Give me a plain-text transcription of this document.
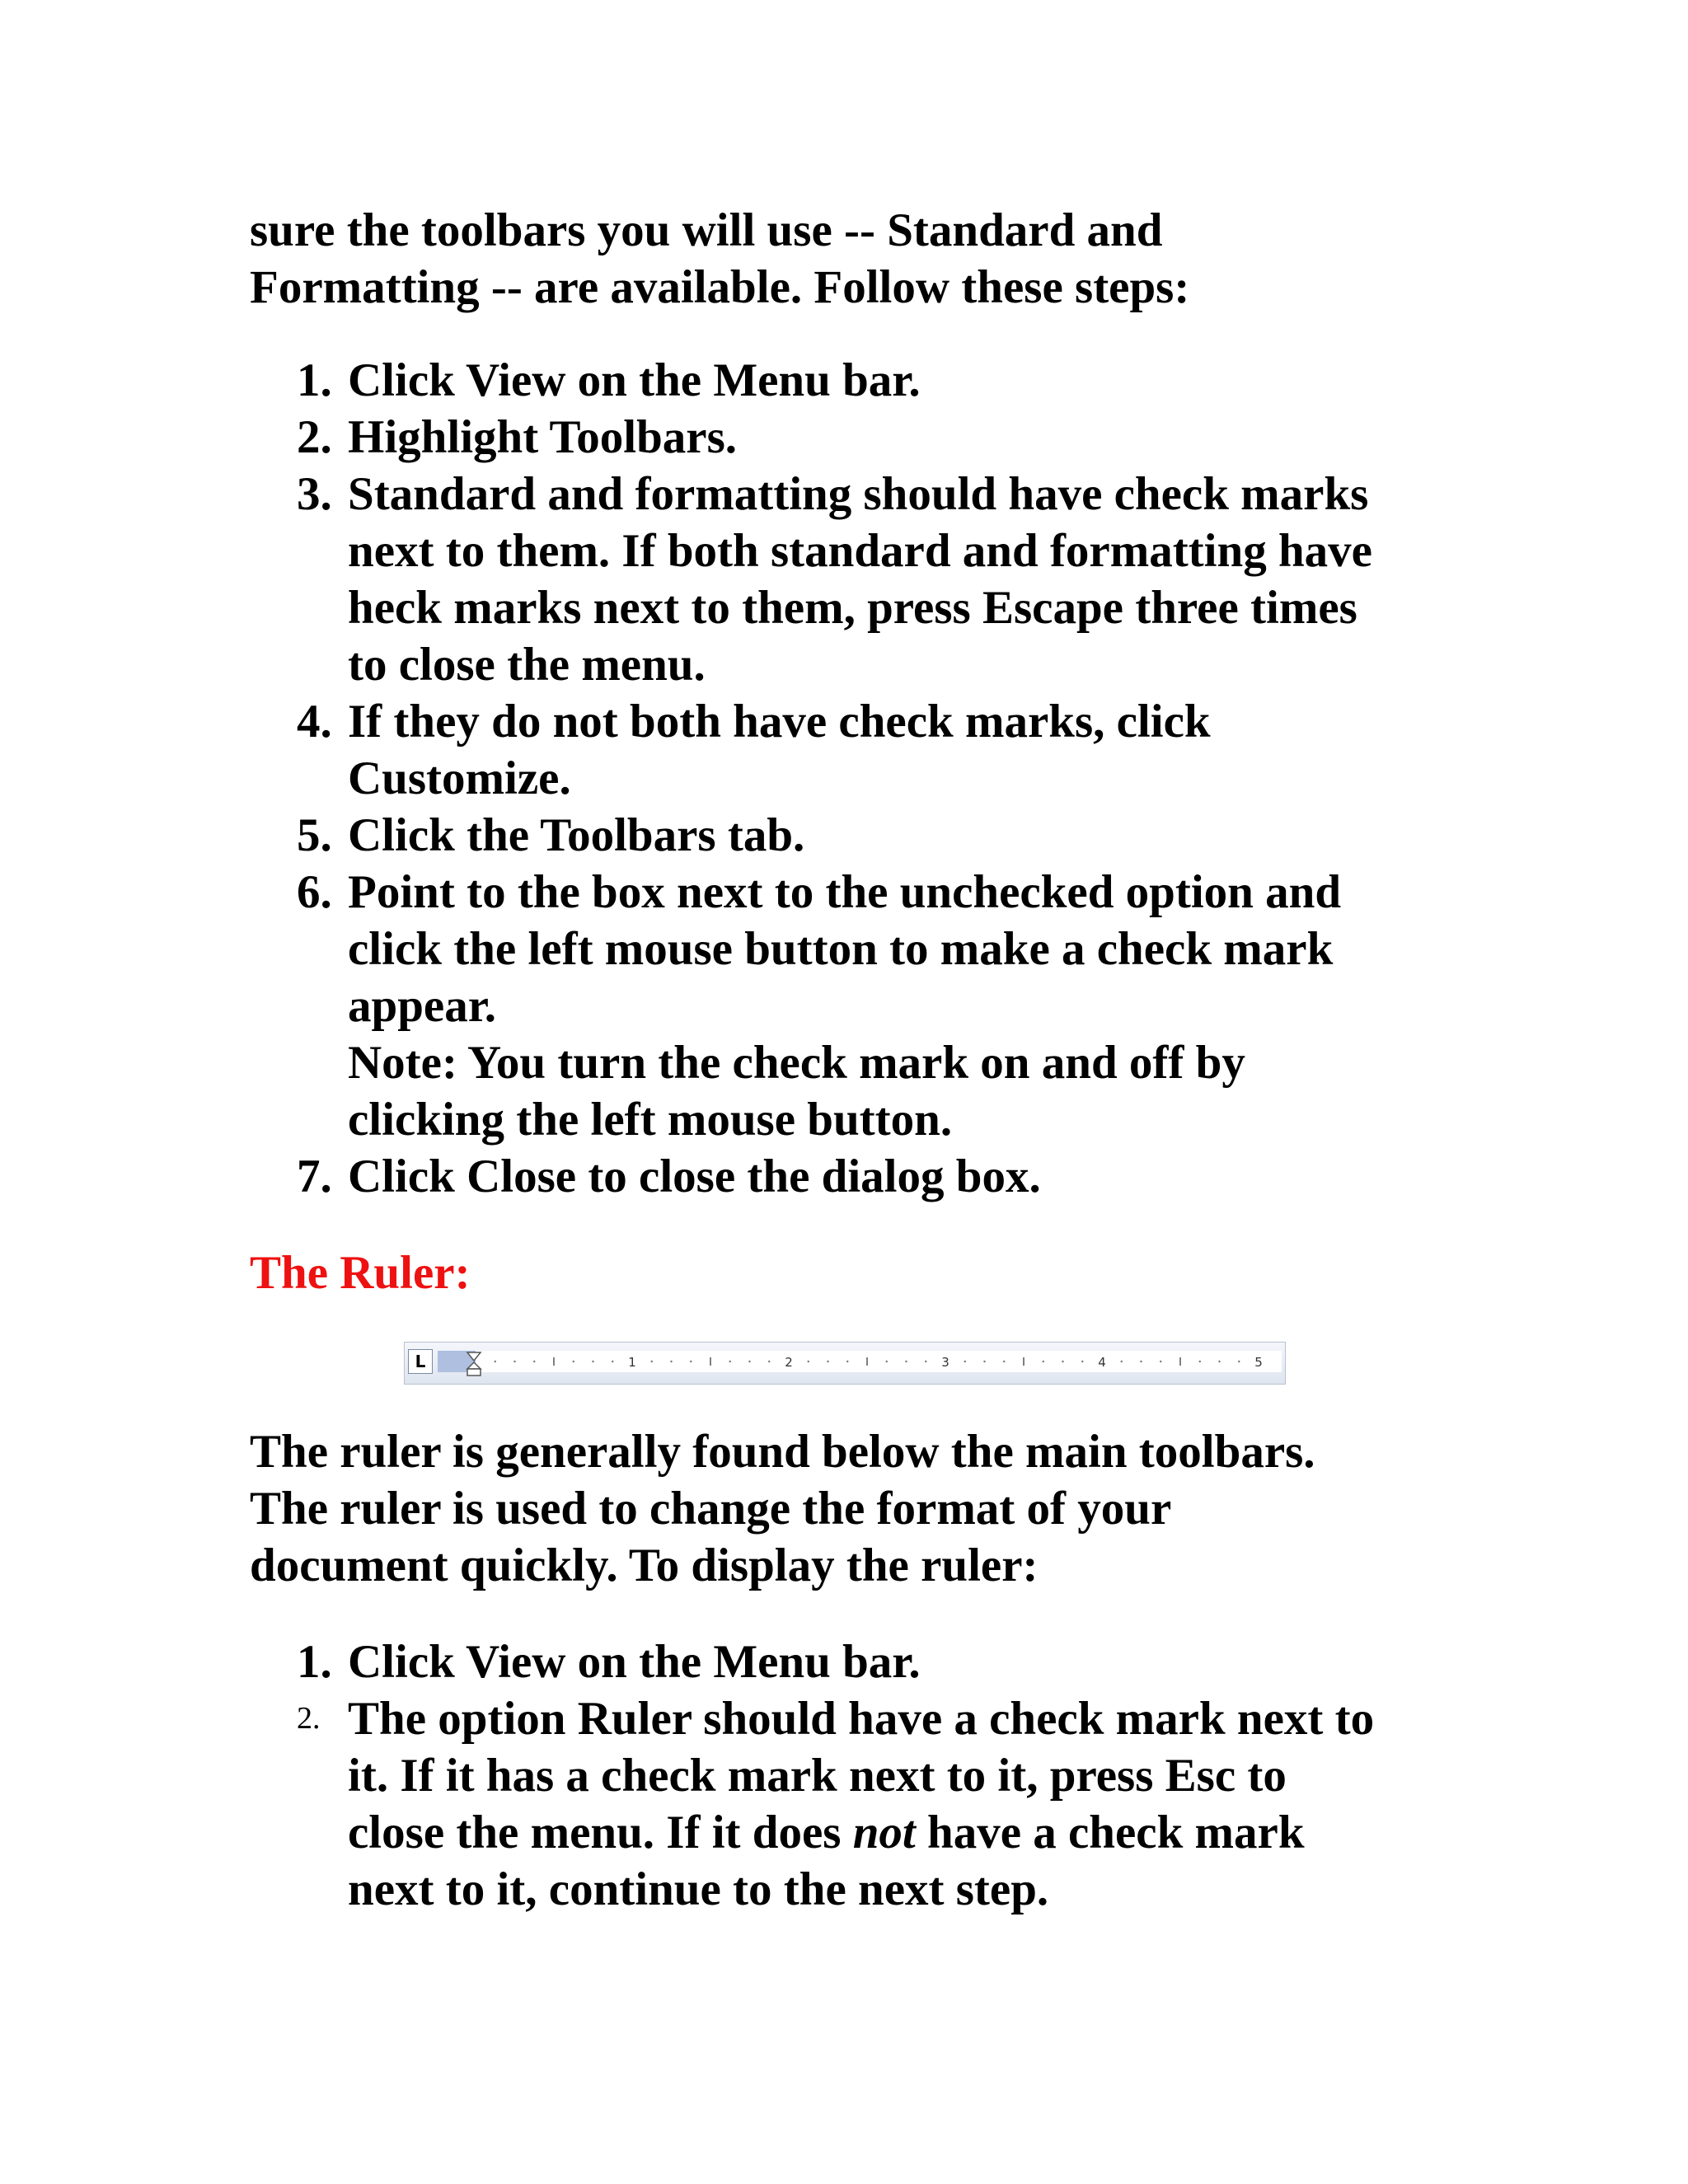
sure the toolbars you will use -- Standard and
Formatting -- are available. Follow these steps:

1. Click View on the Menu bar.
2. Highlight Toolbars.
3. Standard and formatting should have check marks
next to them. If both standard and formatting have
heck marks next to them, press Escape three times
to close the menu.
4. If they do not both have check marks, click
Customize.
5. Click the Toolbars tab.
6. Point to the box next to the unchecked option and
click the left mouse button to make a check mark
appear.
Note: You turn the check mark on and off by
clicking the left mouse button.
7. Click Close to close the dialog box.

The Ruler:

L	1	2	3	4	5

The ruler is generally found below the main toolbars.
The ruler is used to change the format of your
document quickly. To display the ruler:

1. Click View on the Menu bar.
2. The option Ruler should have a check mark next to
it. If it has a check mark next to it, press Esc to
close the menu. If it does not have a check mark
next to it, continue to the next step.
